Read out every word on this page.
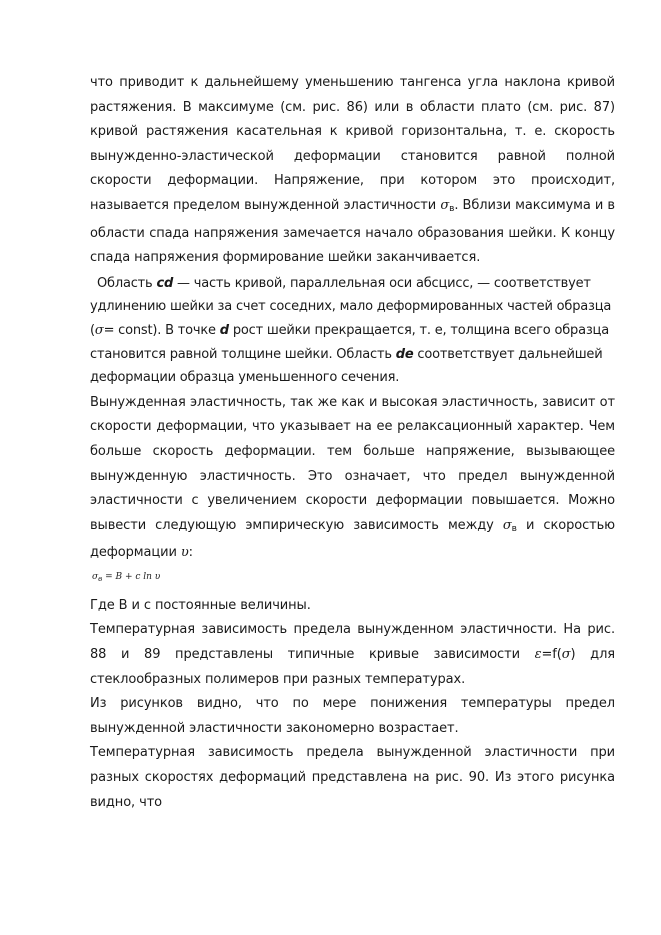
что приводит к дальнейшему уменьшению тангенса угла наклона кривой растяжения. В максимуме (см. рис. 86) или в области плато (см. рис. 87) кривой растяжения касательная к кривой горизонтальна, т. е. скорость вынужденно-эластической деформации становится равной полной скорости деформации. Напряжение, при котором это происходит, называется пределом вынужденной эластичности $\sigma_в$. Вблизи максимума и в области спада напряжения замечается начало образования шейки. К концу спада напряжения формирование шейки заканчивается.

Область cd — часть кривой, параллельная оси абсцисс, — соответствует
удлинению шейки за счет соседних, мало деформированных частей образца
(σ= const). В точке d рост шейки прекращается, т. е, толщина всего образца
становится равной толщине шейки. Область de соответствует дальнейшей
деформации образца уменьшенного сечения.

Вынужденная эластичность, так же как и высокая эластичность, зависит от скорости деформации, что указывает на ее релаксационный характер. Чем больше скорость деформации. тем больше напряжение, вызывающее вынужденную эластичность. Это означает, что предел вынужденной эластичности с увеличением скорости деформации повышается. Можно вывести следующую эмпирическую зависимость между $\sigma_в$ и скоростью деформации υ:

$\sigma_в = B + c$ ln υ

Где В и с постоянные величины.

Температурная зависимость предела вынужденном эластичности. На рис. 88 и 89 представлены типичные кривые зависимости ε=f(σ) для стеклообразных полимеров при разных температурах.

Из рисунков видно, что по мере понижения температуры предел вынужденной эластичности закономерно возрастает.

Температурная зависимость предела вынужденной эластичности при разных скоростях деформаций представлена на рис. 90. Из этого рисунка видно, что
